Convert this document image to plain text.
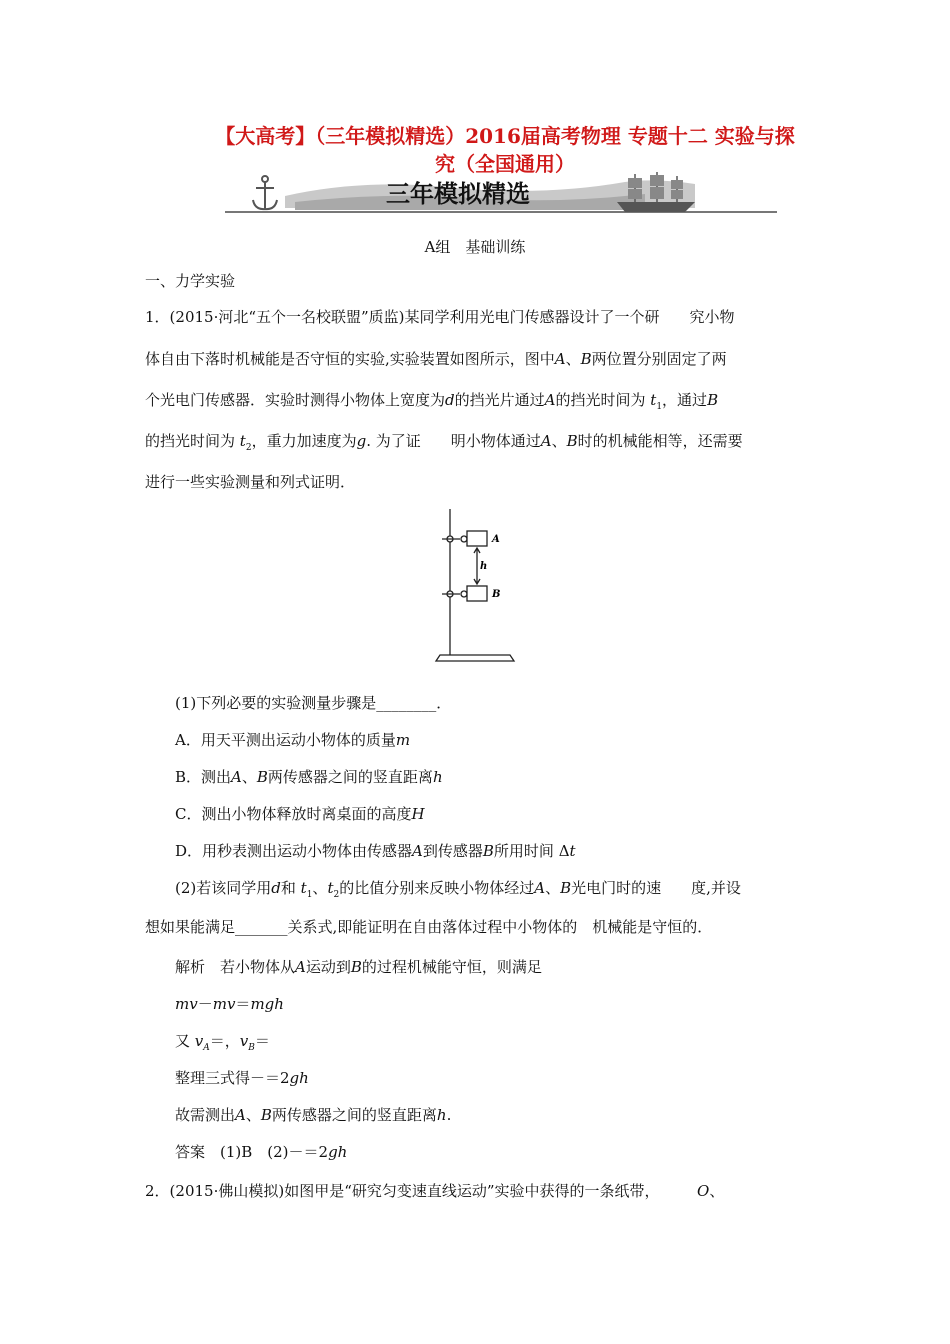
【大高考】（三年模拟精选）2016届高考物理 专题十二 实验与探
究（全国通用）
三年模拟精选
A组　基础训练
一、力学实验
1．(2015·河北“五个一名校联盟”质监)某同学利用光电门传感器设计了一个研　　究小物
体自由下落时机械能是否守恒的实验,实验装置如图所示，图中A、B两位置分别固定了两
个光电门传感器．实验时测得小物体上宽度为d的挡光片通过A的挡光时间为 $t_1$，通过B
的挡光时间为 $t_2$，重力加速度为g. 为了证　　明小物体通过A、B时的机械能相等，还需要
进行一些实验测量和列式证明．
A
B
h
(1)下列必要的实验测量步骤是________．
A．用天平测出运动小物体的质量m
B．测出A、B两传感器之间的竖直距离h
C．测出小物体释放时离桌面的高度H
D．用秒表测出运动小物体由传感器A到传感器B所用时间 Δt
(2)若该同学用d和 $t_1$、$t_2$的比值分别来反映小物体经过A、B光电门时的速　　度,并设
想如果能满足_______关系式,即能证明在自由落体过程中小物体的　机械能是守恒的．
解析　若小物体从A运动到B的过程机械能守恒，则满足
mv－mv＝mgh
又 $v_A=$，$v_B=$
整理三式得－＝2gh
故需测出A、B两传感器之间的竖直距离h.
答案　(1)B　(2)－＝2gh
2．(2015·佛山模拟)如图甲是“研究匀变速直线运动”实验中获得的一条纸带，　　　	O、
